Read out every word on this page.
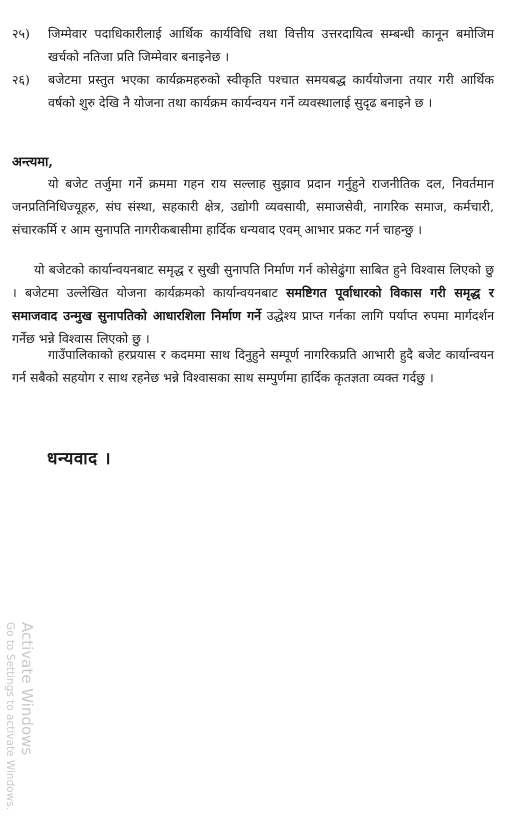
२५)	जिम्मेवार पदाधिकारीलाई आर्थिक कार्यविधि तथा वित्तीय उत्तरदायित्व सम्बन्धी कानून बमोजिम खर्चको नतिजा प्रति जिम्मेवार बनाइनेछ ।
२६)	बजेटमा प्रस्तुत भएका कार्यक्रमहरुको स्वीकृति पश्चात समयबद्ध कार्ययोजना तयार गरी आर्थिक वर्षको शुरु देखि नै योजना तथा कार्यक्रम कार्यन्वयन गर्ने व्यवस्थालाई सुदृढ बनाइने छ ।
अन्त्यमा,
यो बजेट तर्जुमा गर्ने क्रममा गहन राय सल्लाह सुझाव प्रदान गर्नुहुने राजनीतिक दल, निवर्तमान जनप्रतिनिधिज्यूहरु, संघ संस्था, सहकारी क्षेत्र, उद्योगी व्यवसायी, समाजसेवी, नागरिक समाज, कर्मचारी, संचारकर्मि र आम सुनापति नागरीकबासीमा हार्दिक धन्यवाद एवम् आभार प्रकट गर्न चाहन्छु ।
यो बजेटको कार्यान्वयनबाट समृद्ध र सुखी सुनापति निर्माण गर्न कोसेढुंगा साबित हुने विश्वास लिएको छु । बजेटमा उल्लेखित योजना कार्यक्रमको कार्यान्वयनबाट समष्टिगत पूर्वाधारको विकास गरी समृद्ध र समाजवाद उन्मुख सुनापतिको आधारशिला निर्माण गर्ने उद्धेश्य प्राप्त गर्नका लागि पर्याप्त रुपमा मार्गदर्शन गर्नेछ भन्ने विश्वास लिएको छु ।
गाउँपालिकाको हरप्रयास र कदममा साथ दिनुहुने सम्पूर्ण नागरिकप्रति आभारी हुदै बजेट कार्यान्वयन गर्न सबैको सहयोग र साथ रहनेछ भन्ने विश्वासका साथ सम्पुर्णमा हार्दिक कृतज्ञता व्यक्त गर्दछु ।
धन्यवाद ।
Activate Windows
Go to Settings to activate Windows.
